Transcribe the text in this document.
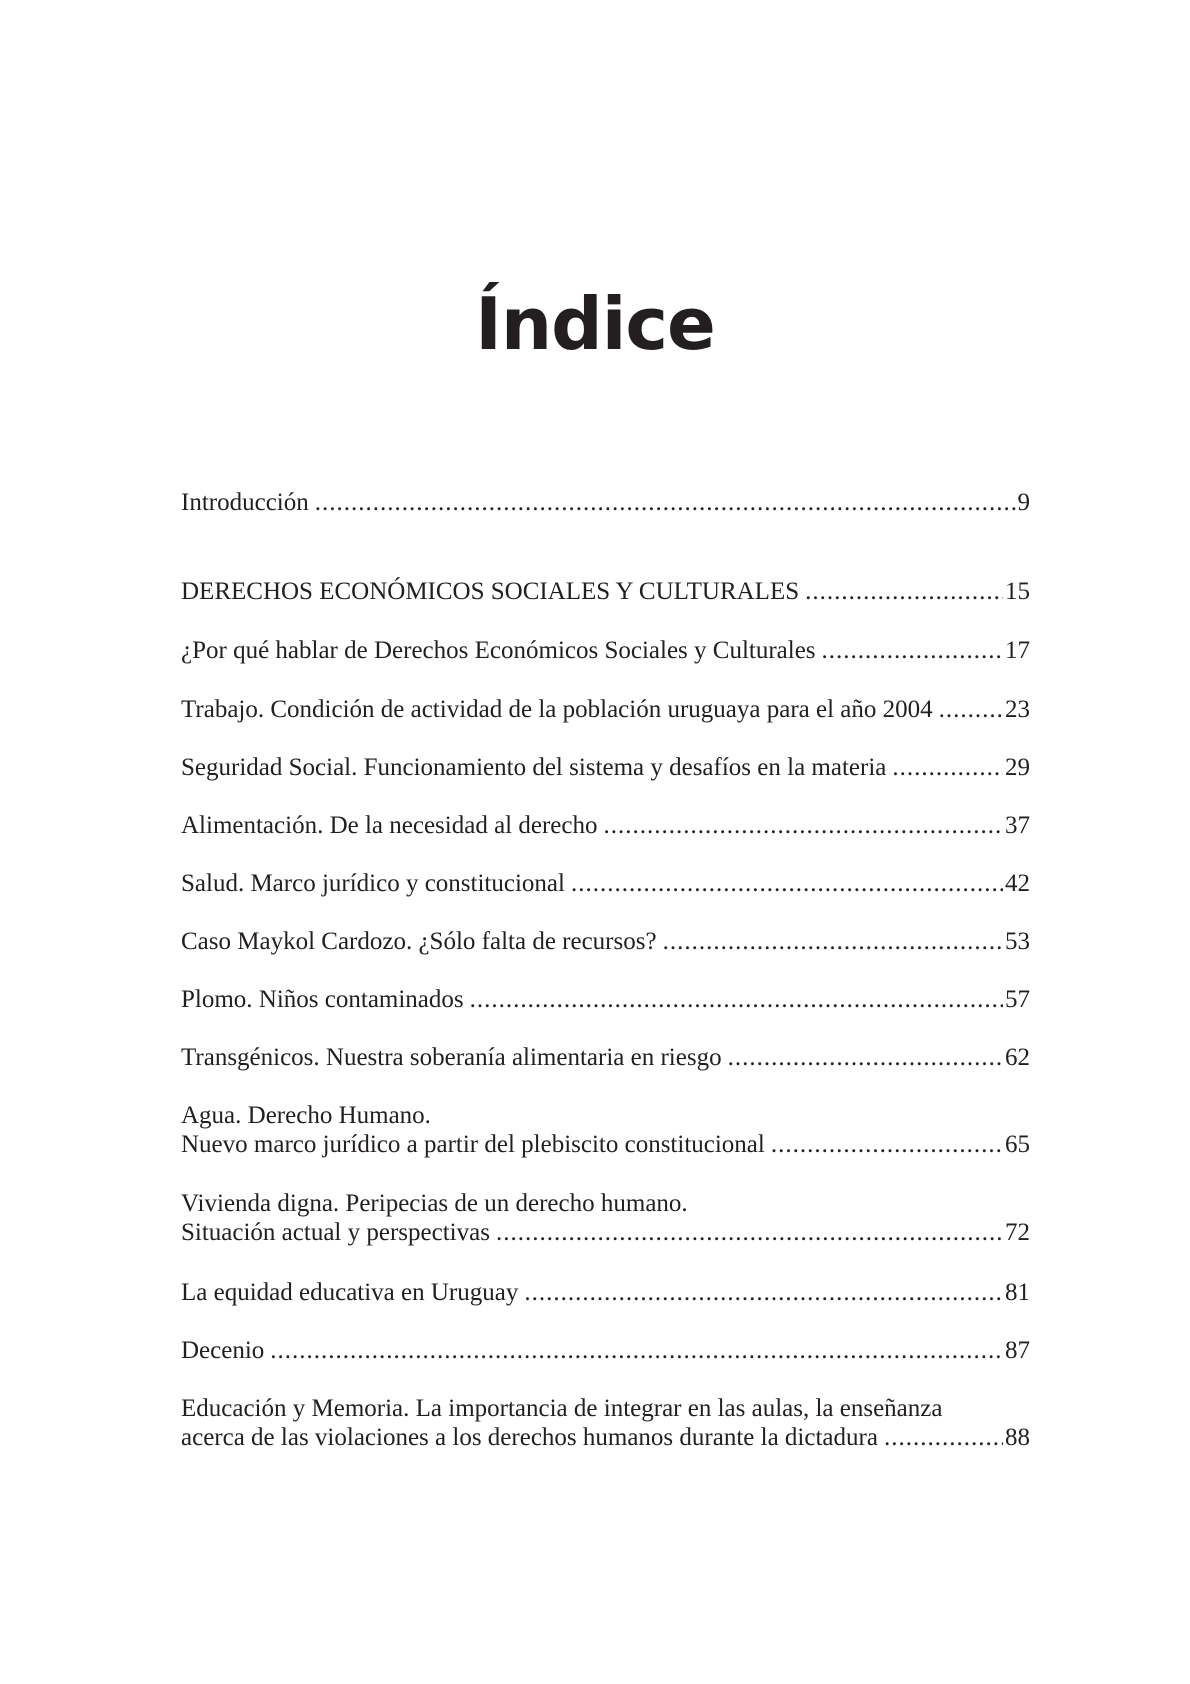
Índice
Introducción .....	9
DERECHOS ECONÓMICOS SOCIALES Y CULTURALES .....	15
¿Por qué hablar de Derechos Económicos Sociales y Culturales .....	17
Trabajo. Condición de actividad de la población uruguaya para el año 2004 .....	23
Seguridad Social. Funcionamiento del sistema y desafíos en la materia .....	29
Alimentación. De la necesidad al derecho .....	37
Salud. Marco jurídico y constitucional .....	42
Caso Maykol Cardozo. ¿Sólo falta de recursos? .....	53
Plomo. Niños contaminados .....	57
Transgénicos. Nuestra soberanía alimentaria en riesgo .....	62
Agua. Derecho Humano.
Nuevo marco jurídico a partir del plebiscito constitucional .....	65
Vivienda digna. Peripecias de un derecho humano.
Situación actual y perspectivas .....	72
La equidad educativa en Uruguay .....	81
Decenio .....	87
Educación y Memoria. La importancia de integrar en las aulas, la enseñanza
acerca de las violaciones a los derechos humanos durante la dictadura .....	88
